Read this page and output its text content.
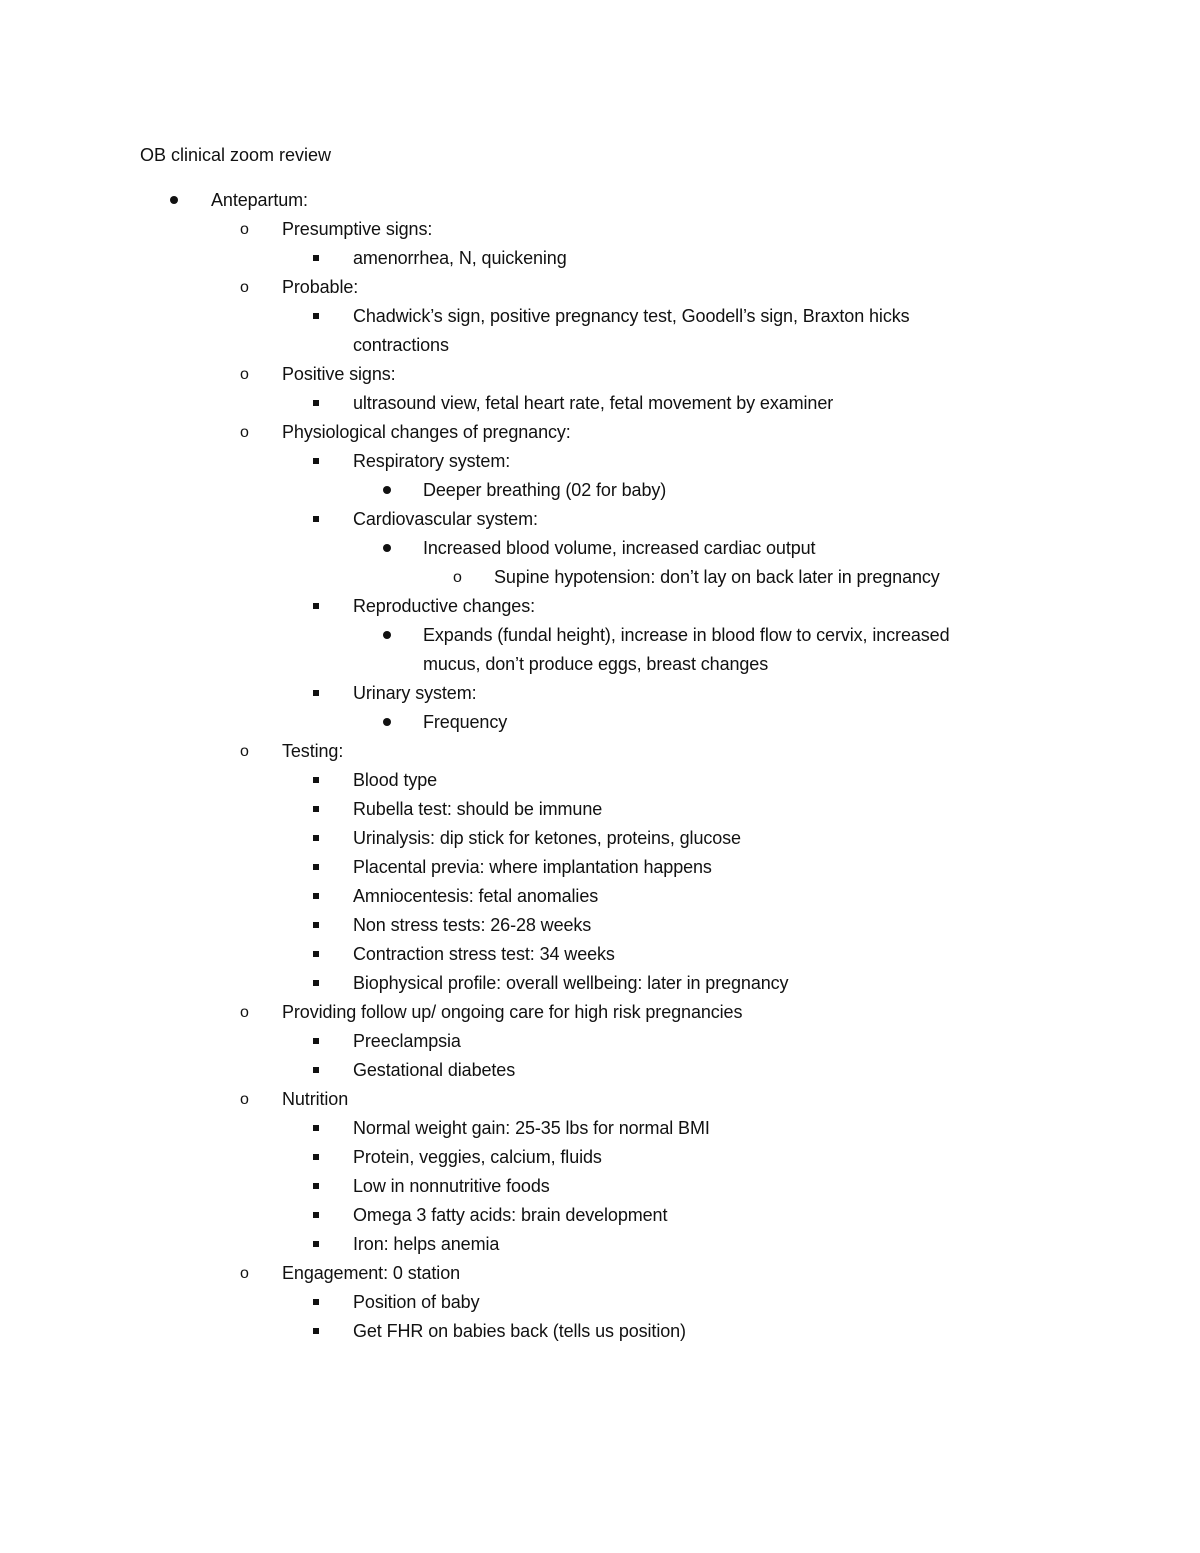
OB clinical zoom review
Antepartum:
o Presumptive signs:
amenorrhea, N, quickening
o Probable:
Chadwick’s sign, positive pregnancy test, Goodell’s sign, Braxton hicks
contractions
o Positive signs:
ultrasound view, fetal heart rate, fetal movement by examiner
o Physiological changes of pregnancy:
Respiratory system:
Deeper breathing (02 for baby)
Cardiovascular system:
Increased blood volume, increased cardiac output
o Supine hypotension: don’t lay on back later in pregnancy
Reproductive changes:
Expands (fundal height), increase in blood flow to cervix, increased
mucus, don’t produce eggs, breast changes
Urinary system:
Frequency
o Testing:
Blood type
Rubella test: should be immune
Urinalysis: dip stick for ketones, proteins, glucose
Placental previa: where implantation happens
Amniocentesis: fetal anomalies
Non stress tests: 26-28 weeks
Contraction stress test: 34 weeks
Biophysical profile: overall wellbeing: later in pregnancy
o Providing follow up/ ongoing care for high risk pregnancies
Preeclampsia
Gestational diabetes
o Nutrition
Normal weight gain: 25-35 lbs for normal BMI
Protein, veggies, calcium, fluids
Low in nonnutritive foods
Omega 3 fatty acids: brain development
Iron: helps anemia
o Engagement: 0 station
Position of baby
Get FHR on babies back (tells us position)
